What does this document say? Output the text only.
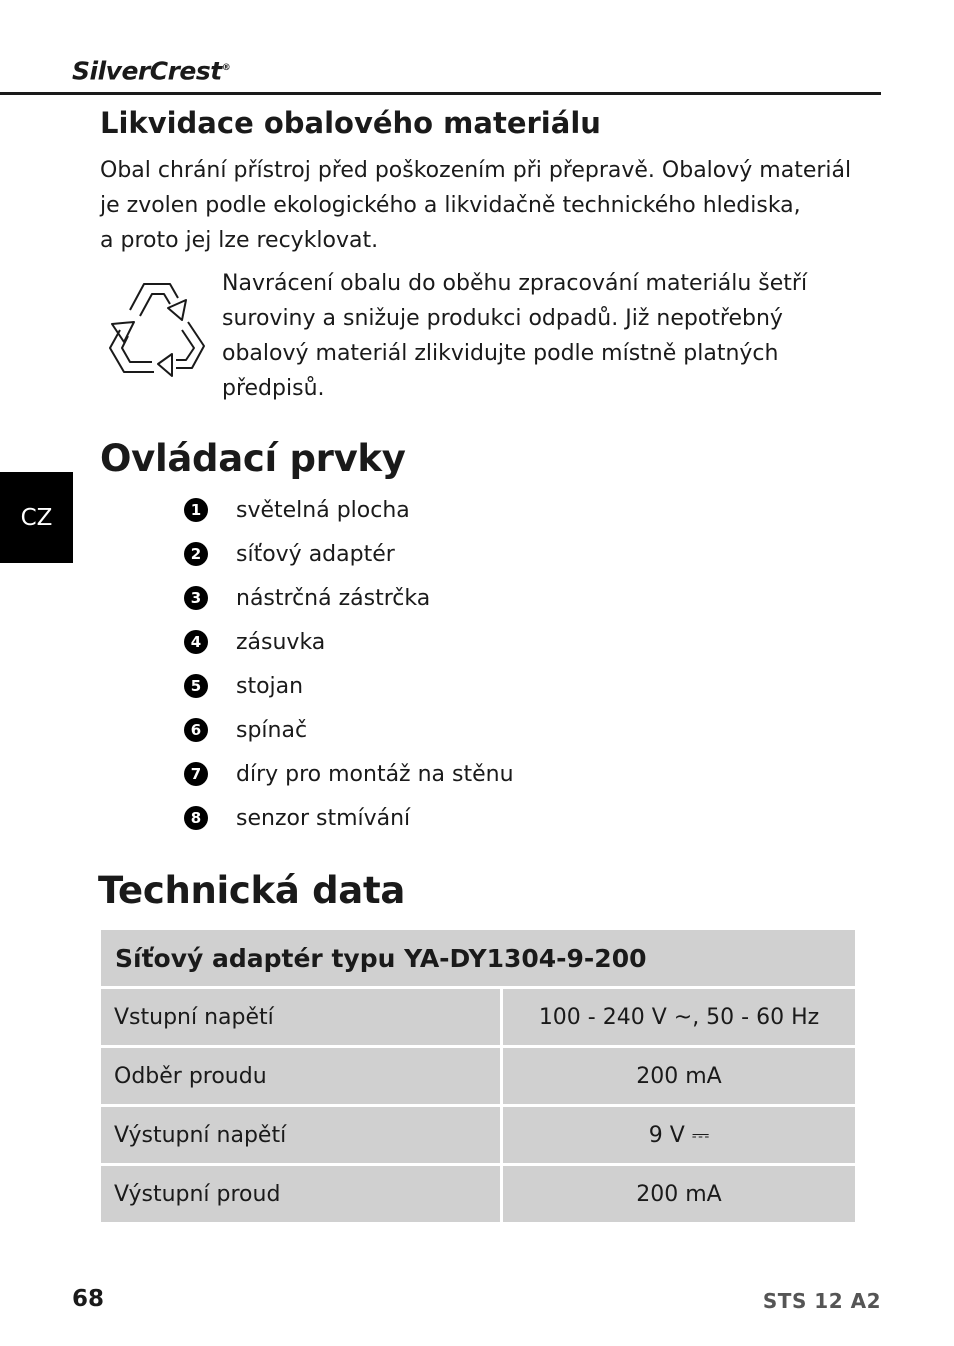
SilverCrest®
CZ
Likvidace obalového materiálu

Obal chrání přístroj před poškozením při přepravě. Obalový materiál

je zvolen podle ekologického a likvidačně technického hlediska,

a proto jej lze recyklovat.

Navrácení obalu do oběhu zpracování materiálu šetří

suroviny a snižuje produkci odpadů. Již nepotřebný

obalový materiál zlikvidujte podle místně platných

předpisů.

Ovládací prvky
1	světelná plocha
2	síťový adaptér
3	nástrčná zástrčka
4	zásuvka
5	stojan
6	spínač
7	díry pro montáž na stěnu
8	senzor stmívání
Technická data
Síťový adaptér typu YA-DY1304-9-200
Vstupní napětí	100 - 240 V ~, 50 - 60 Hz
Odběr proudu	200 mA
Výstupní napětí	9 V ⎓
Výstupní proud	200 mA
68	STS 12 A2
